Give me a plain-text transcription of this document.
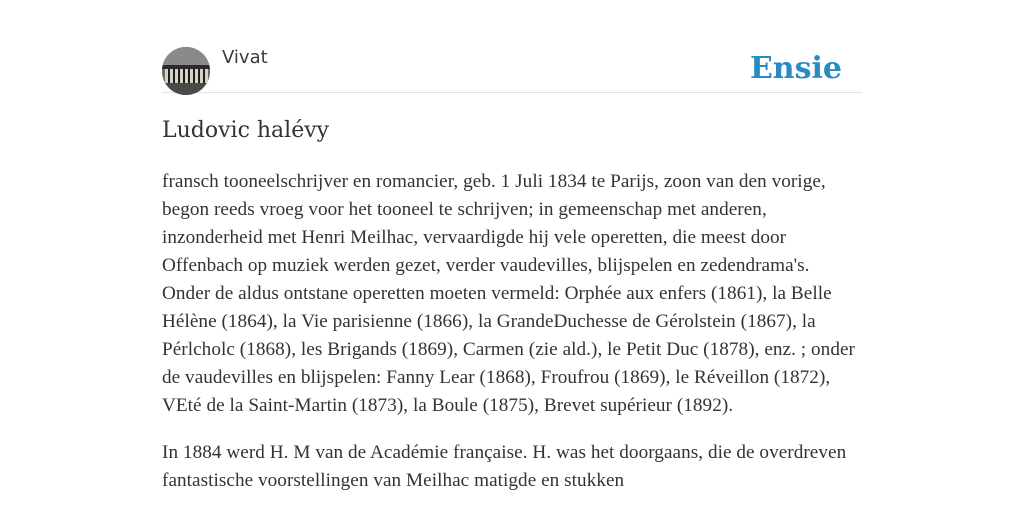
Vivat	Ensie
Ludovic halévy

fransch tooneelschrijver en romancier, geb. 1 Juli 1834 te Parijs, zoon van den vorige, begon reeds vroeg voor het tooneel te schrijven; in gemeenschap met anderen, inzonderheid met Henri Meilhac, vervaardigde hij vele operetten, die meest door Offenbach op muziek werden gezet, verder vaudevilles, blijspelen en zedendrama's. Onder de aldus ontstane operetten moeten vermeld: Orphée aux enfers (1861), la Belle Hélène (1864), la Vie parisienne (1866), la GrandeDuchesse de Gérolstein (1867), la Pérlcholc (1868), les Brigands (1869), Carmen (zie ald.), le Petit Duc (1878), enz. ; onder de vaudevilles en blijspelen: Fanny Lear (1868), Froufrou (1869), le Réveillon (1872), VEté de la Saint-Martin (1873), la Boule (1875), Brevet supérieur (1892).

In 1884 werd H. M van de Académie française. H. was het doorgaans, die de overdreven fantastische voorstellingen van Meilhac matigde en stukken
